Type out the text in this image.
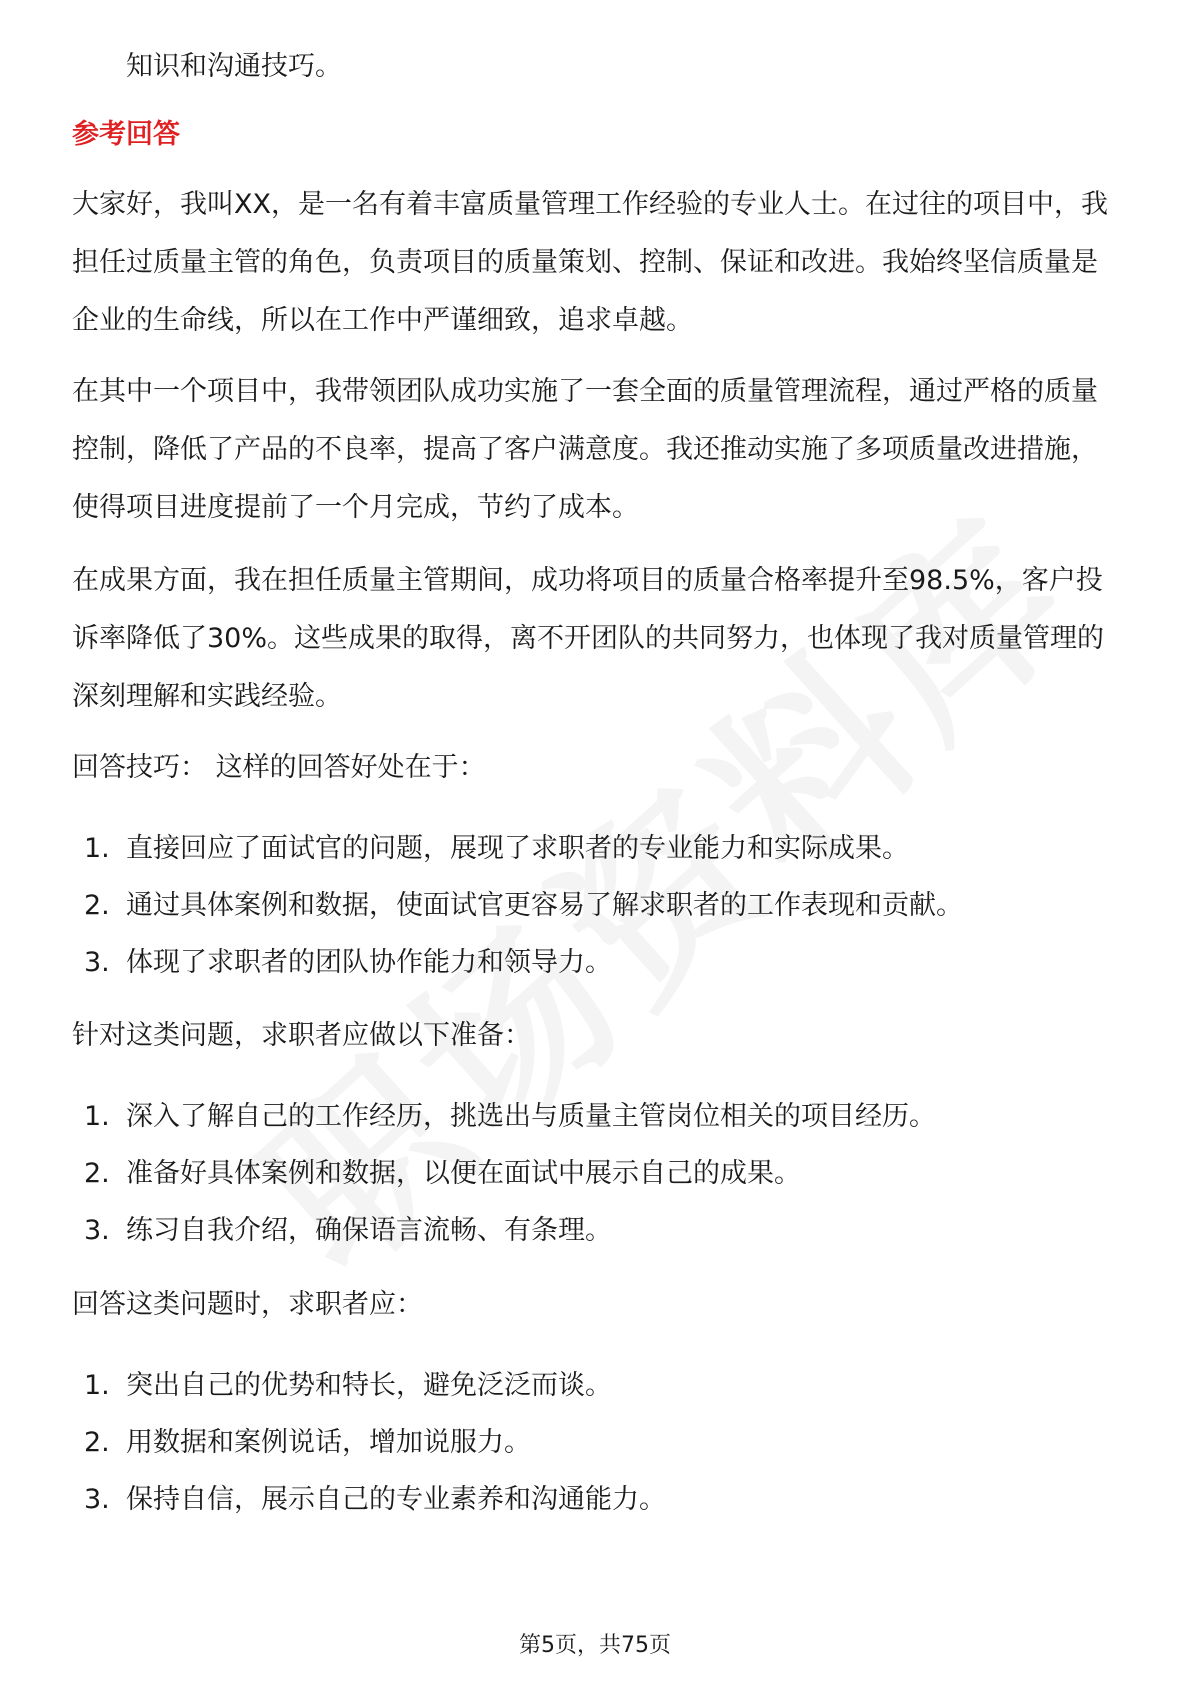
知识和沟通技巧。
参考回答

大家好，我叫XX，是一名有着丰富质量管理工作经验的专业人士。在过往的项目中，我担任过质量主管的角色，负责项目的质量策划、控制、保证和改进。我始终坚信质量是企业的生命线，所以在工作中严谨细致，追求卓越。

在其中一个项目中，我带领团队成功实施了一套全面的质量管理流程，通过严格的质量控制，降低了产品的不良率，提高了客户满意度。我还推动实施了多项质量改进措施，使得项目进度提前了一个月完成，节约了成本。

在成果方面，我在担任质量主管期间，成功将项目的质量合格率提升至98.5%，客户投诉率降低了30%。这些成果的取得，离不开团队的共同努力，也体现了我对质量管理的深刻理解和实践经验。

回答技巧： 这样的回答好处在于：
1. 直接回应了面试官的问题，展现了求职者的专业能力和实际成果。
2. 通过具体案例和数据，使面试官更容易了解求职者的工作表现和贡献。
3. 体现了求职者的团队协作能力和领导力。
针对这类问题，求职者应做以下准备：
1. 深入了解自己的工作经历，挑选出与质量主管岗位相关的项目经历。
2. 准备好具体案例和数据，以便在面试中展示自己的成果。
3. 练习自我介绍，确保语言流畅、有条理。
回答这类问题时，求职者应：
1. 突出自己的优势和特长，避免泛泛而谈。
2. 用数据和案例说话，增加说服力。
3. 保持自信，展示自己的专业素养和沟通能力。
第5页，共75页
